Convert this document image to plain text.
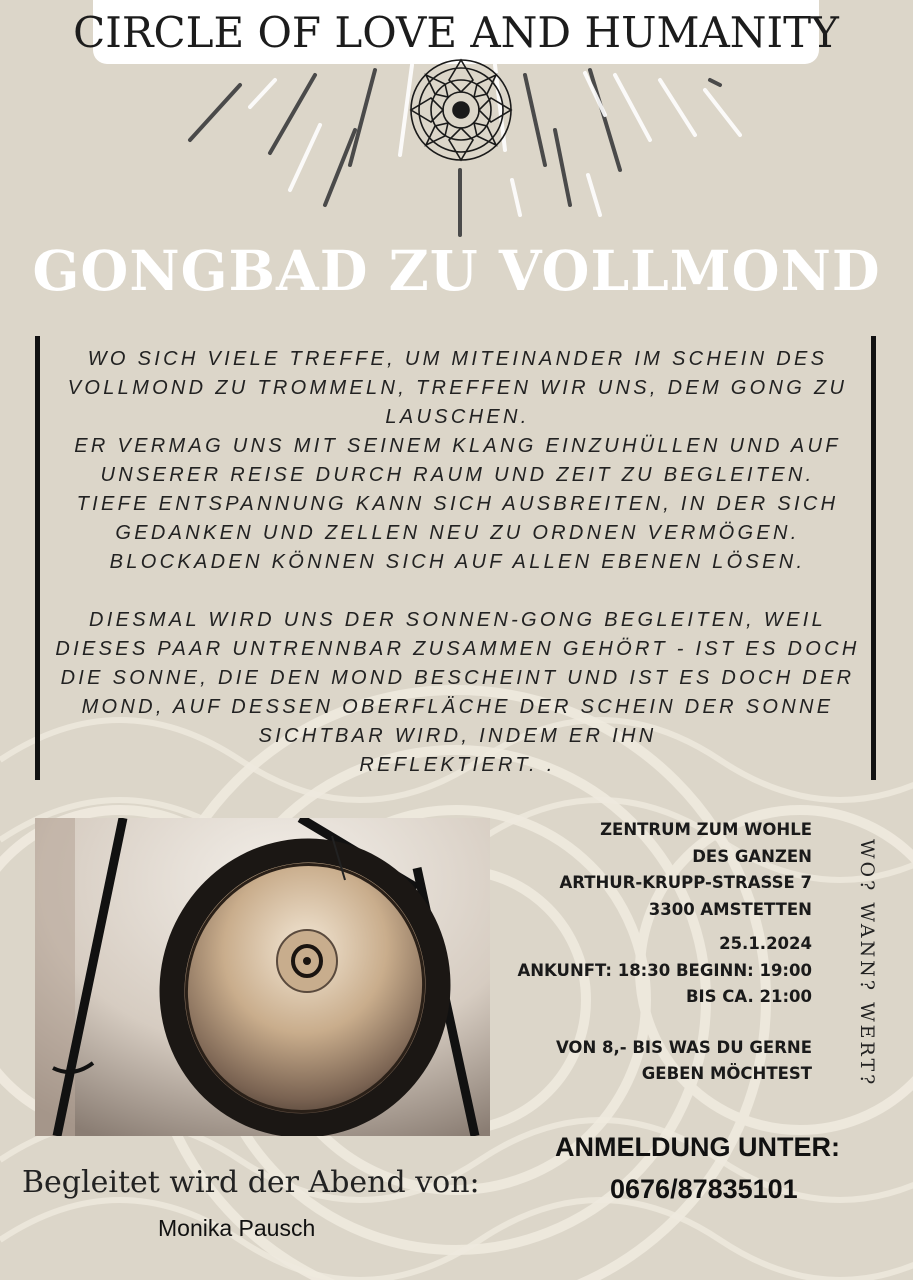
CIRCLE OF LOVE AND HUMANITY
GONGBAD ZU VOLLMOND

WO SICH VIELE TREFFE, UM MITEINANDER IM SCHEIN DES

VOLLMOND ZU TROMMELN, TREFFEN WIR UNS, DEM GONG ZU

LAUSCHEN.

ER VERMAG UNS MIT SEINEM KLANG EINZUHÜLLEN UND AUF

UNSERER REISE DURCH RAUM UND ZEIT ZU BEGLEITEN.

TIEFE ENTSPANNUNG KANN SICH AUSBREITEN, IN DER SICH

GEDANKEN UND ZELLEN NEU ZU ORDNEN VERMÖGEN.

BLOCKADEN KÖNNEN SICH AUF ALLEN EBENEN LÖSEN.

DIESMAL WIRD UNS DER SONNEN-GONG BEGLEITEN, WEIL

DIESES PAAR UNTRENNBAR ZUSAMMEN GEHÖRT - IST ES DOCH

DIE SONNE, DIE DEN MOND BESCHEINT UND IST ES DOCH DER

MOND, AUF DESSEN OBERFLÄCHE DER SCHEIN DER SONNE

SICHTBAR WIRD, INDEM ER IHN

REFLEKTIERT. .

ZENTRUM ZUM WOHLE

DES GANZEN

ARTHUR-KRUPP-STRASSE 7

3300 AMSTETTEN

25.1.2024

ANKUNFT: 18:30 BEGINN: 19:00

BIS CA. 21:00

VON 8,- BIS WAS DU GERNE

GEBEN MÖCHTEST	WO? WANN? WERT?
ANMELDUNG UNTER:
0676/87835101
Begleitet wird der Abend von:
Monika Pausch
